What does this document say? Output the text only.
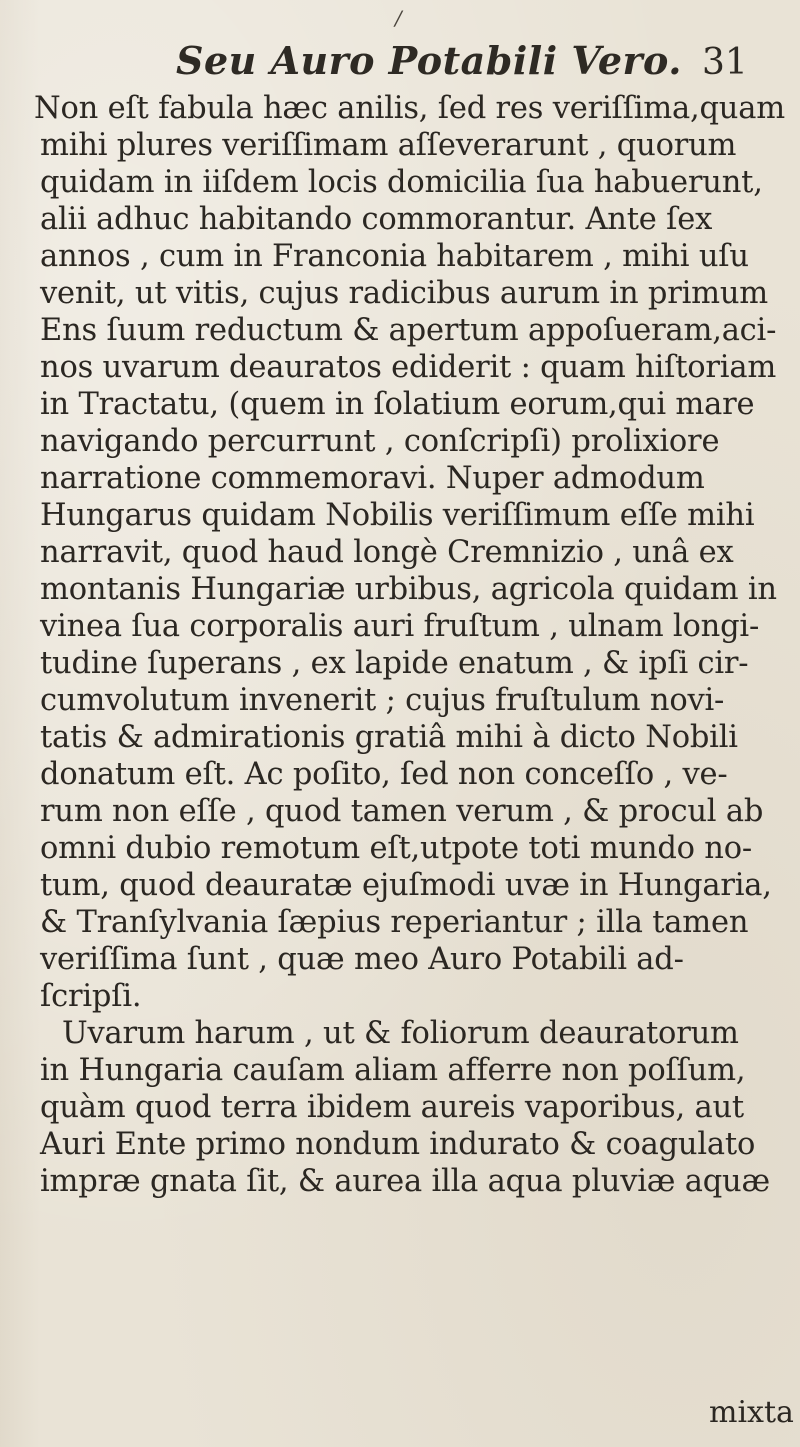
/
Seu Auro Potabili Vero. 31
Non eſt fabula hæc anilis, ſed res veriſſima,quam
mihi plures veriſſimam aſſeverarunt , quorum
quidam in iiſdem locis domicilia ſua habuerunt,
alii adhuc habitando commorantur. Ante ſex
annos , cum in Franconia habitarem , mihi uſu
venit, ut vitis, cujus radicibus aurum in primum
Ens ſuum reductum & apertum appoſueram,aci-
nos uvarum deauratos ediderit : quam hiſtoriam
in Tractatu, (quem in ſolatium eorum,qui mare
navigando percurrunt , conſcripſi) prolixiore
narratione commemoravi. Nuper admodum
Hungarus quidam Nobilis veriſſimum eſſe mihi
narravit, quod haud longè Cremnizio , unâ ex
montanis Hungariæ urbibus, agricola quidam in
vinea ſua corporalis auri fruſtum , ulnam longi-
tudine ſuperans , ex lapide enatum , & ipſi cir-
cumvolutum invenerit ; cujus fruſtulum novi-
tatis & admirationis gratiâ mihi à dicto Nobili
donatum eſt. Ac poſito, ſed non conceſſo , ve-
rum non eſſe , quod tamen verum , & procul ab
omni dubio remotum eſt,utpote toti mundo no-
tum, quod deauratæ ejuſmodi uvæ in Hungaria,
& Tranſylvania ſæpius reperiantur ; illa tamen
veriſſima ſunt , quæ meo Auro Potabili ad-
ſcripſi.
Uvarum harum , ut & foliorum deauratorum
in Hungaria cauſam aliam afferre non poſſum,
quàm quod terra ibidem aureis vaporibus, aut
Auri Ente primo nondum indurato & coagulato
impræ gnata ſit, & aurea illa aqua pluviæ aquæ
mixta
